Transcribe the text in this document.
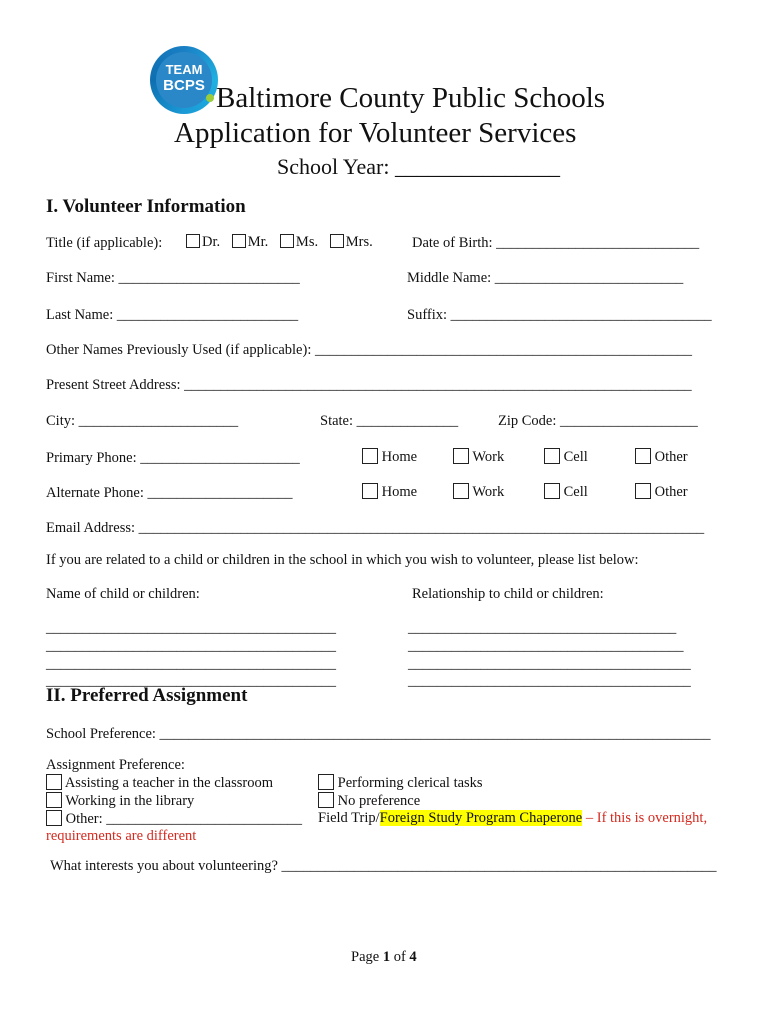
TEAM
BCPS Baltimore County Public Schools
Application for Volunteer Services
School Year: _______________
I. Volunteer Information
Title (if applicable):	Dr. Mr. Ms. Mrs.	Date of Birth: ____________________________
First Name: _________________________	Middle Name: __________________________
Last Name: _________________________	Suffix: ____________________________________
Other Names Previously Used (if applicable): ____________________________________________________
Present Street Address: ______________________________________________________________________
City: ______________________	State: ______________	Zip Code: ___________________
Primary Phone: ______________________	Home	Work	Cell	Other
Alternate Phone: ____________________	Home	Work	Cell	Other
Email Address: ______________________________________________________________________________
If you are related to a child or children in the school in which you wish to volunteer, please list below:
Name of child or children:	Relationship to child or children:
________________________________________
________________________________________
________________________________________
________________________________________
_____________________________________
______________________________________
_______________________________________
_______________________________________
II. Preferred Assignment
School Preference: ____________________________________________________________________________
Assignment Preference:
Assisting a teacher in the classroom
Working in the library
Other: ___________________________
Performing clerical tasks
No preference
Field Trip/Foreign Study Program Chaperone – If this is overnight,
requirements are different
What interests you about volunteering? ____________________________________________________________
Page 1 of 4
